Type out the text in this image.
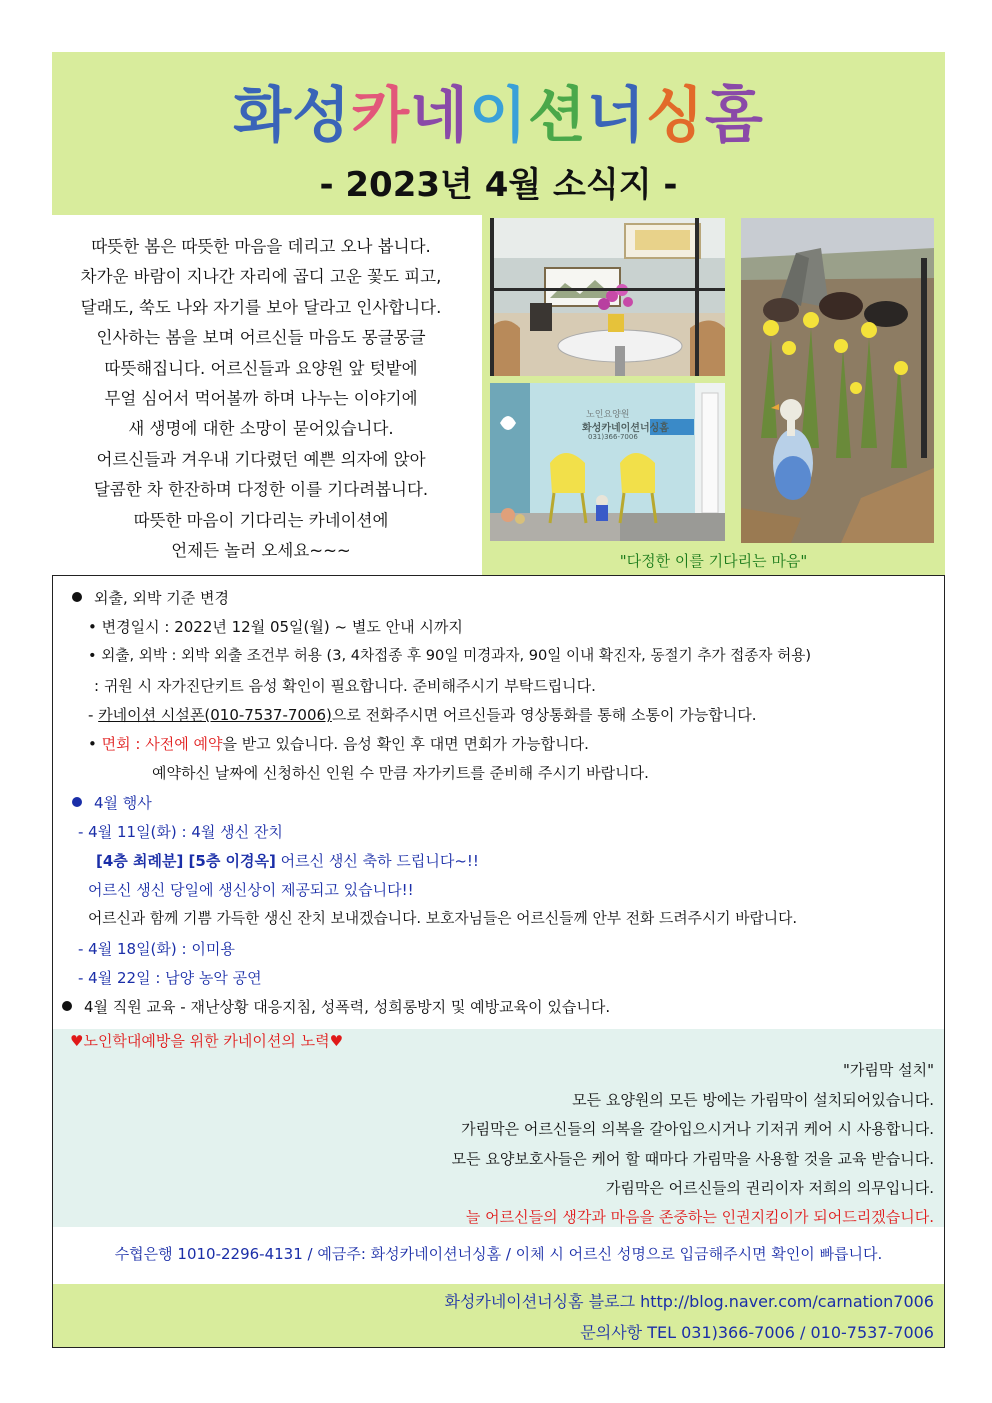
화성카네이션너싱홈
- 2023년 4월 소식지 -
따뜻한 봄은 따뜻한 마음을 데리고 오나 봅니다.
차가운 바람이 지나간 자리에 곱디 고운 꽃도 피고,
달래도, 쑥도 나와 자기를 보아 달라고 인사합니다.
인사하는 봄을 보며 어르신들 마음도 몽글몽글
따뜻해집니다. 어르신들과 요양원 앞 텃밭에
무얼 심어서 먹어볼까 하며 나누는 이야기에
새 생명에 대한 소망이 묻어있습니다.
어르신들과 겨우내 기다렸던 예쁜 의자에 앉아
달콤한 차 한잔하며 다정한 이를 기다려봅니다.
따뜻한 마음이 기다리는 카네이션에
언제든 놀러 오세요~~~
노인요양원
화성카네이션너싱홈
031)366-7006
"다정한 이를 기다리는 마음"
외출, 외박 기준 변경
• 변경일시 : 2022년 12월 05일(월) ~ 별도 안내 시까지
• 외출, 외박 : 외박 외출 조건부 허용 (3, 4차접종 후 90일 미경과자, 90일 이내 확진자, 동절기 추가 접종자 허용)
: 귀원 시 자가진단키트 음성 확인이 필요합니다. 준비해주시기 부탁드립니다.
- 카네이션 시설폰(010-7537-7006)으로 전화주시면 어르신들과 영상통화를 통해 소통이 가능합니다.
• 면회 : 사전에 예약을 받고 있습니다. 음성 확인 후 대면 면회가 가능합니다.
예약하신 날짜에 신청하신 인원 수 만큼 자가키트를 준비해 주시기 바랍니다.
4월 행사
- 4월 11일(화) : 4월 생신 잔치
[4층 최례분] [5층 이경옥] 어르신 생신 축하 드립니다~!!
어르신 생신 당일에 생신상이 제공되고 있습니다!!
어르신과 함께 기쁨 가득한 생신 잔치 보내겠습니다. 보호자님들은 어르신들께 안부 전화 드려주시기 바랍니다.
- 4월 18일(화) : 이미용
- 4월 22일 : 남양 농악 공연
4월 직원 교육 - 재난상황 대응지침, 성폭력, 성희롱방지 및 예방교육이 있습니다.
♥노인학대예방을 위한 카네이션의 노력♥
"가림막 설치"
모든 요양원의 모든 방에는 가림막이 설치되어있습니다.
가림막은 어르신들의 의복을 갈아입으시거나 기저귀 케어 시 사용합니다.
모든 요양보호사들은 케어 할 때마다 가림막을 사용할 것을 교육 받습니다.
가림막은 어르신들의 권리이자 저희의 의무입니다.
늘 어르신들의 생각과 마음을 존중하는 인권지킴이가 되어드리겠습니다.
수협은행 1010-2296-4131 / 예금주: 화성카네이션너싱홈 / 이체 시 어르신 성명으로 입금해주시면 확인이 빠릅니다.
화성카네이션너싱홈 블로그 http://blog.naver.com/carnation7006
문의사항 TEL 031)366-7006 / 010-7537-7006
